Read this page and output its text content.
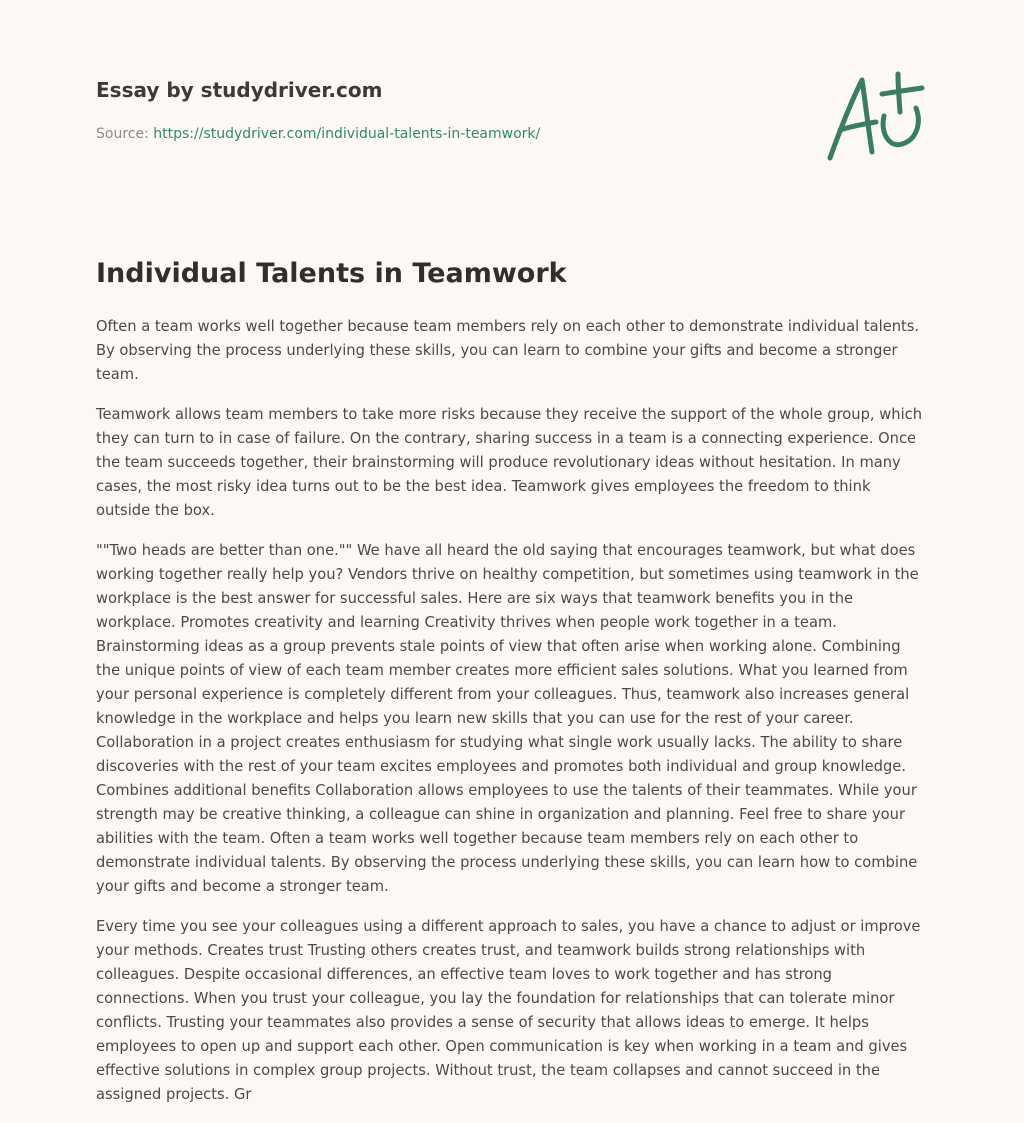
Essay by studydriver.com
Source: https://studydriver.com/individual-talents-in-teamwork/
Individual Talents in Teamwork

Often a team works well together because team members rely on each other to demonstrate individual talents. By observing the process underlying these skills, you can learn to combine your gifts and become a stronger team.

Teamwork allows team members to take more risks because they receive the support of the whole group, which they can turn to in case of failure. On the contrary, sharing success in a team is a connecting experience. Once the team succeeds together, their brainstorming will produce revolutionary ideas without hesitation. In many cases, the most risky idea turns out to be the best idea. Teamwork gives employees the freedom to think outside the box.

""Two heads are better than one."" We have all heard the old saying that encourages teamwork, but what does working together really help you? Vendors thrive on healthy competition, but sometimes using teamwork in the workplace is the best answer for successful sales. Here are six ways that teamwork benefits you in the workplace. Promotes creativity and learning Creativity thrives when people work together in a team. Brainstorming ideas as a group prevents stale points of view that often arise when working alone. Combining the unique points of view of each team member creates more efficient sales solutions. What you learned from your personal experience is completely different from your colleagues. Thus, teamwork also increases general knowledge in the workplace and helps you learn new skills that you can use for the rest of your career. Collaboration in a project creates enthusiasm for studying what single work usually lacks. The ability to share discoveries with the rest of your team excites employees and promotes both individual and group knowledge. Combines additional benefits Collaboration allows employees to use the talents of their teammates. While your strength may be creative thinking, a colleague can shine in organization and planning. Feel free to share your abilities with the team. Often a team works well together because team members rely on each other to demonstrate individual talents. By observing the process underlying these skills, you can learn how to combine your gifts and become a stronger team.

Every time you see your colleagues using a different approach to sales, you have a chance to adjust or improve your methods. Creates trust Trusting others creates trust, and teamwork builds strong relationships with colleagues. Despite occasional differences, an effective team loves to work together and has strong connections. When you trust your colleague, you lay the foundation for relationships that can tolerate minor conflicts. Trusting your teammates also provides a sense of security that allows ideas to emerge. It helps employees to open up and support each other. Open communication is key when working in a team and gives effective solutions in complex group projects. Without trust, the team collapses and cannot succeed in the assigned projects. Gr
